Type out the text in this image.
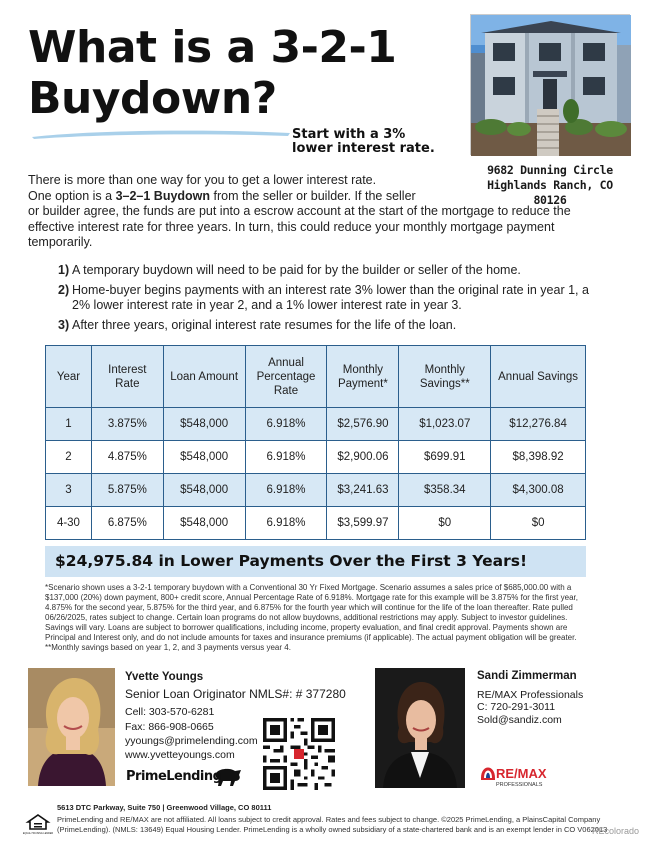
What is a 3-2-1
Buydown?
Start with a 3%
lower interest rate.
9682 Dunning Circle
Highlands Ranch, CO 80126

There is more than one way for you to get a lower interest rate.

One option is a 3–2–1 Buydown from the seller or builder. If the seller

or builder agree, the funds are put into a escrow account at the start of the mortgage to reduce the effective interest rate for three years. In turn, this could reduce your monthly mortgage payment temporarily.

1) A temporary buydown will need to be paid for by the builder or seller of the home.
2) Home-buyer begins payments with an interest rate 3% lower than the original rate in year 1, a 2% lower interest rate in year 2, and a 1% lower interest rate in year 3.
3) After three years, original interest rate resumes for the life of the loan.
Year	Interest Rate	Loan Amount	Annual Percentage Rate	Monthly Payment*	Monthly Savings**	Annual Savings
1	3.875%	$548,000	6.918%	$2,576.90	$1,023.07	$12,276.84
2	4.875%	$548,000	6.918%	$2,900.06	$699.91	$8,398.92
3	5.875%	$548,000	6.918%	$3,241.63	$358.34	$4,300.08
4-30	6.875%	$548,000	6.918%	$3,599.97	$0	$0
$24,975.84 in Lower Payments Over the First 3 Years!
*Scenario shown uses a 3-2-1 temporary buydown with a Conventional 30 Yr Fixed Mortgage. Scenario assumes a sales price of $685,000.00 with a $137,000 (20%) down payment, 800+ credit score, Annual Percentage Rate of 6.918%. Mortgage rate for this example will be 3.875% for the first year, 4.875% for the second year, 5.875% for the third year, and 6.875% for the fourth year which will continue for the life of the loan thereafter. Rate pulled 06/26/2025, rates subject to change. Certain loan programs do not allow buydowns, additional restrictions may apply. Subject to investor guidelines. Savings will vary. Loans are subject to borrower qualifications, including income, property evaluation, and final credit approval. Payments shown are Principal and Interest only, and do not include amounts for taxes and insurance premiums (if applicable). The actual payment obligation will be greater. **Monthly savings based on year 1, 2, and 3 payments versus year 4.
Yvette Youngs
Senior Loan Originator NMLS#: # 377280
Cell: 303-570-6281
Fax: 866-908-0665
yyoungs@primelending.com
www.yvetteyoungs.com
PrimeLending
Sandi Zimmerman
RE/MAX Professionals
C: 720-291-3011
Sold@sandiz.com
RE/MAX
PROFESSIONALS
5613 DTC Parkway, Suite 750 | Greenwood Village, CO 80111
EQUAL HOUSING LENDER
PrimeLending and RE/MAX are not affiliated. All loans subject to credit approval. Rates and fees subject to change. ©2025 PrimeLending, a PlainsCapital Company (PrimeLending). (NMLS: 13649) Equal Housing Lender. PrimeLending is a wholly owned subsidiary of a state-chartered bank and is an exempt lender in CO V062013
REcolorado
